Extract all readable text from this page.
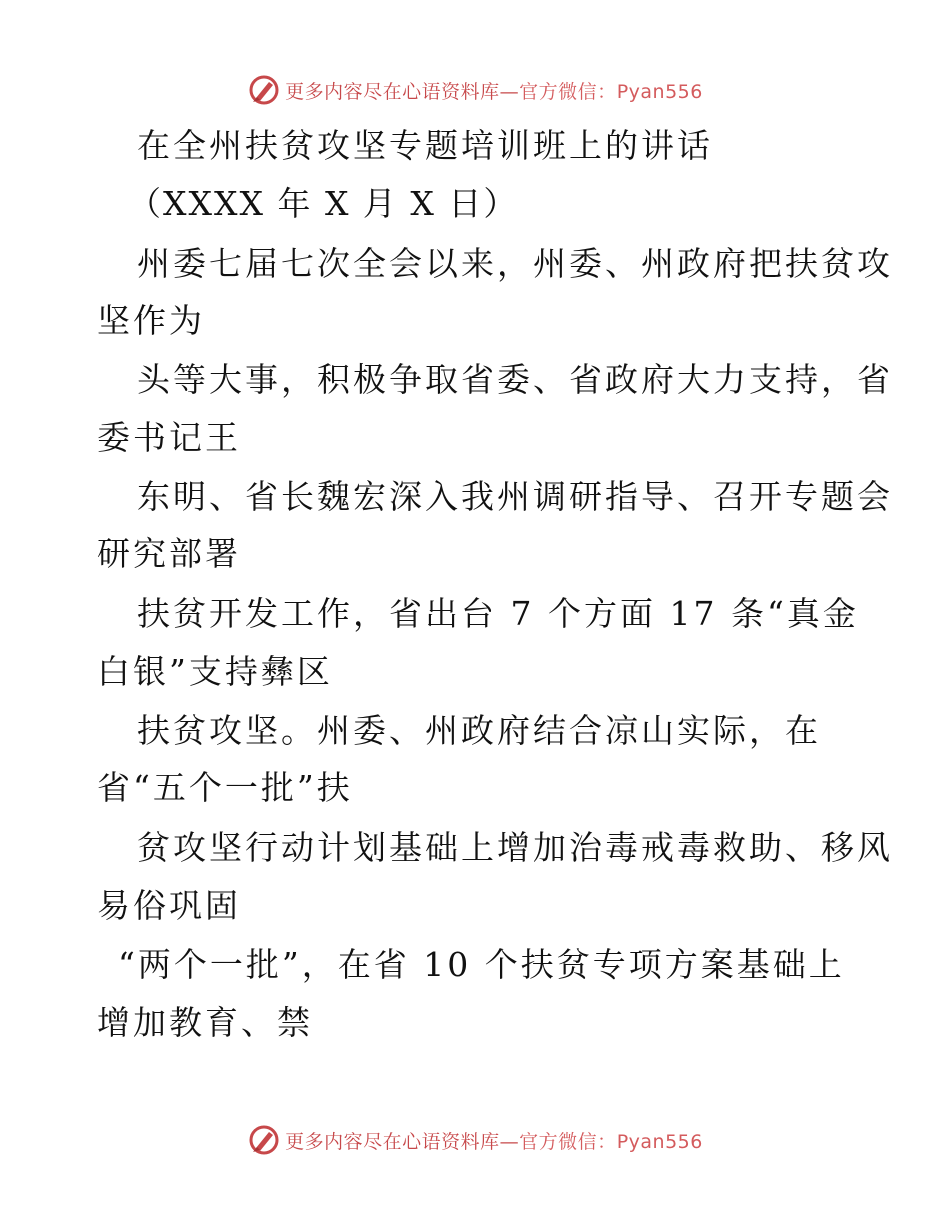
更多内容尽在心语资料库—官方微信：Pyan556
在全州扶贫攻坚专题培训班上的讲话
（XXXX 年 X 月 X 日）
州委七届七次全会以来，州委、州政府把扶贫攻
坚作为
头等大事，积极争取省委、省政府大力支持，省
委书记王
东明、省长魏宏深入我州调研指导、召开专题会
研究部署
扶贫开发工作，省出台 7 个方面 17 条“真金
白银”支持彝区
扶贫攻坚。州委、州政府结合凉山实际，在
省“五个一批”扶
贫攻坚行动计划基础上增加治毒戒毒救助、移风
易俗巩固
“两个一批”，在省 10 个扶贫专项方案基础上
增加教育、禁
更多内容尽在心语资料库—官方微信：Pyan556
